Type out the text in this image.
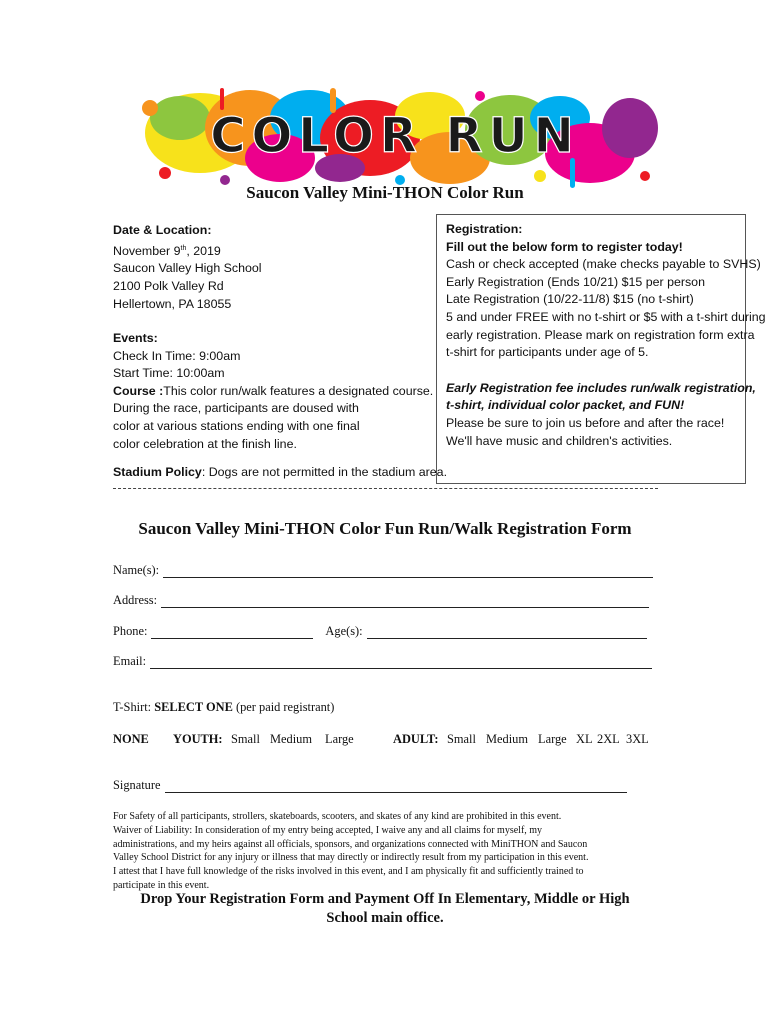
COLOR RUN
Saucon Valley Mini-THON Color Run
Date & Location:
November 9th, 2019
Saucon Valley High School
2100 Polk Valley Rd
Hellertown, PA 18055
Events:
Check In Time: 9:00am
Start Time: 10:00am
Course :This color run/walk features a designated course.
During the race, participants are doused with
color at various stations ending with one final
color celebration at the finish line.
Registration:
Fill out the below form to register today!
Cash or check accepted (make checks payable to SVHS)
Early Registration (Ends 10/21) $15 per person
Late Registration (10/22-11/8) $15 (no t-shirt)
5 and under FREE with no t-shirt or $5 with a t-shirt during
early registration. Please mark on registration form extra
t-shirt for participants under age of 5.
Early Registration fee includes run/walk registration,
t-shirt, individual color packet, and FUN!
Please be sure to join us before and after the race!
We'll have music and children's activities.
Stadium Policy: Dogs are not permitted in the stadium area.
Saucon Valley Mini-THON Color Fun Run/Walk Registration Form
Name(s):
Address:
Phone:	Age(s):
Email:
T-Shirt: SELECT ONE (per paid registrant)
NONE YOUTH: Small Medium Large	ADULT: Small Medium Large XL 2XL 3XL
Signature
For Safety of all participants, strollers, skateboards, scooters, and skates of any kind are prohibited in this event.
Waiver of Liability: In consideration of my entry being accepted, I waive any and all claims for myself, my
administrations, and my heirs against all officials, sponsors, and organizations connected with MiniTHON and Saucon
Valley School District for any injury or illness that may directly or indirectly result from my participation in this event.
I attest that I have full knowledge of the risks involved in this event, and I am physically fit and sufficiently trained to
participate in this event.
Drop Your Registration Form and Payment Off In Elementary, Middle or High
School main office.
